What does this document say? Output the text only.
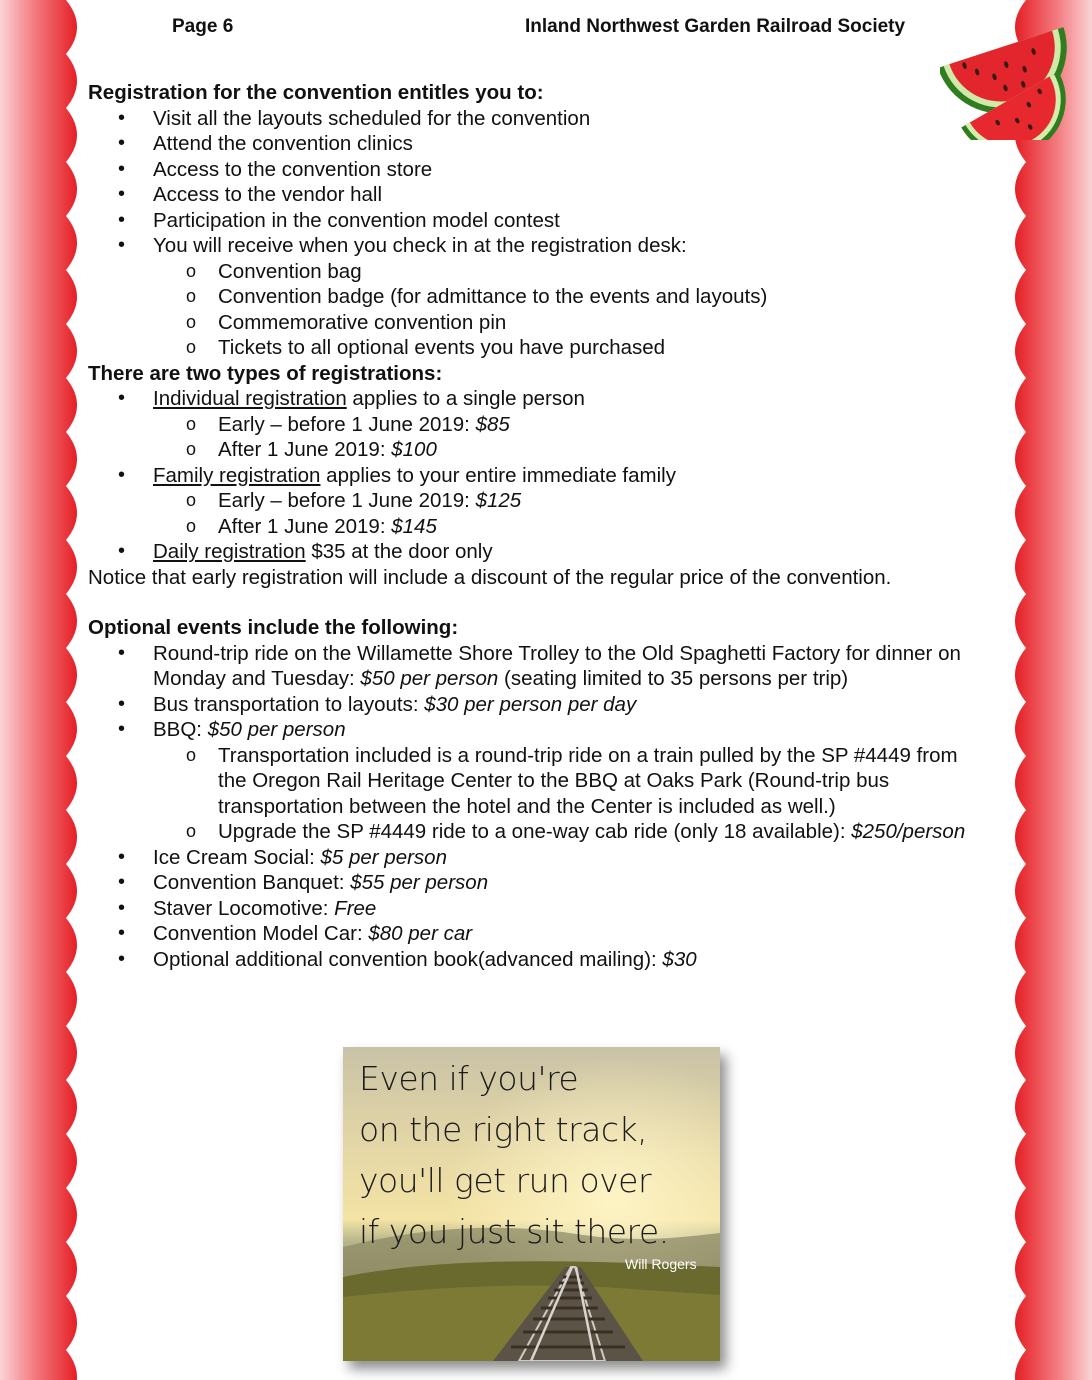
Page 6	Inland Northwest Garden Railroad Society

Registration for the convention entitles you to:

• Visit all the layouts scheduled for the convention
• Attend the convention clinics
• Access to the convention store
• Access to the vendor hall
• Participation in the convention model contest
• You will receive when you check in at the registration desk:
o Convention bag
o Convention badge (for admittance to the events and layouts)
o Commemorative convention pin
o Tickets to all optional events you have purchased

There are two types of registrations:

• Individual registration applies to a single person
o Early – before 1 June 2019: $85
o After 1 June 2019: $100
• Family registration applies to your entire immediate family
o Early – before 1 June 2019: $125
o After 1 June 2019: $145
• Daily registration $35 at the door only

Notice that early registration will include a discount of the regular price of the convention.

Optional events include the following:

• Round-trip ride on the Willamette Shore Trolley to the Old Spaghetti Factory for dinner on Monday and Tuesday: $50 per person (seating limited to 35 persons per trip)
• Bus transportation to layouts: $30 per person per day
• BBQ: $50 per person
o Transportation included is a round-trip ride on a train pulled by the SP #4449 from the Oregon Rail Heritage Center to the BBQ at Oaks Park (Round-trip bus transportation between the hotel and the Center is included as well.)
o Upgrade the SP #4449 ride to a one-way cab ride (only 18 available): $250/person
• Ice Cream Social: $5 per person
• Convention Banquet: $55 per person
• Staver Locomotive: Free
• Convention Model Car: $80 per car
• Optional additional convention book(advanced mailing): $30
Even if you're
on the right track,
you'll get run over
if you just sit there.
Will Rogers
